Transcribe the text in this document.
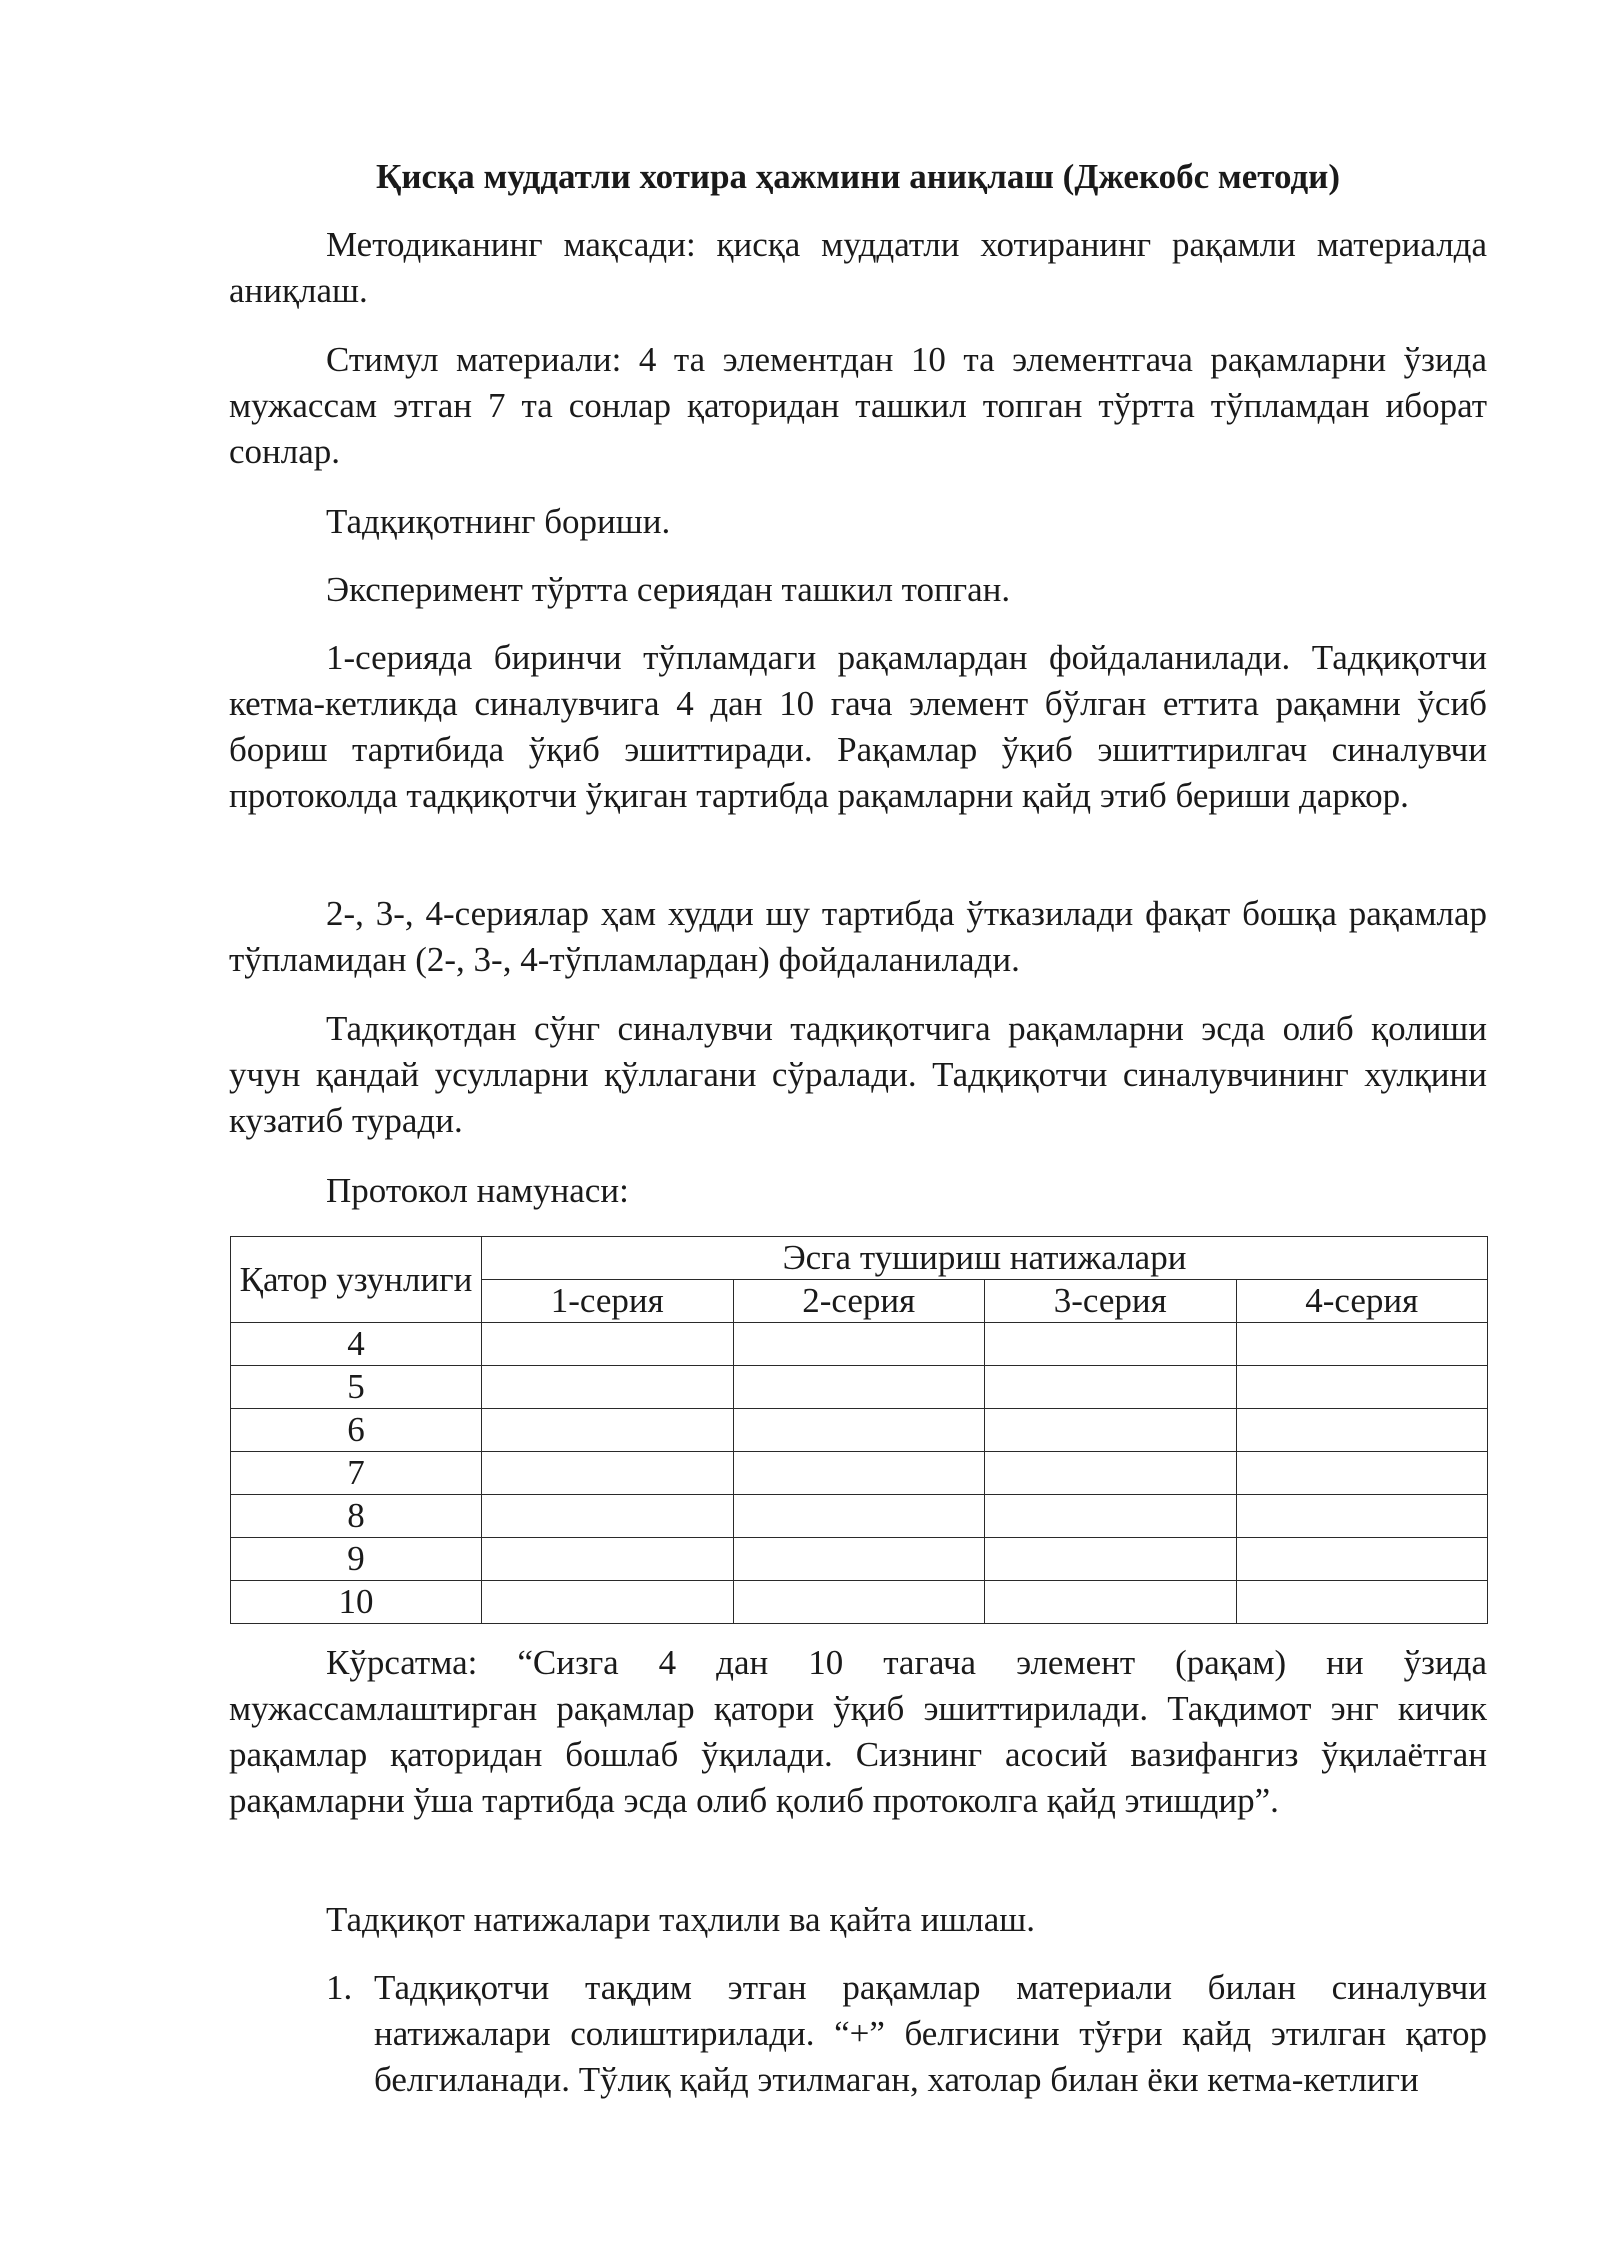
Қисқа муддатли хотира ҳажмини аниқлаш (Джекобс методи)

Методиканинг мақсади: қисқа муддатли хотиранинг рақамли материалда аниқлаш.

Стимул материали: 4 та элементдан 10 та элементгача рақамларни ўзида мужассам этган 7 та сонлар қаторидан ташкил топган тўртта тўпламдан иборат сонлар.

Тадқиқотнинг бориши.

Эксперимент тўртта сериядан ташкил топган.

1-серияда биринчи тўпламдаги рақамлардан фойдаланилади. Тадқиқотчи кетма-кетликда синалувчига 4 дан 10 гача элемент бўлган еттита рақамни ўсиб бориш тартибида ўқиб эшиттиради. Рақамлар ўқиб эшиттирилгач синалувчи протоколда тадқиқотчи ўқиган тартибда рақамларни қайд этиб бериши даркор.

2-, 3-, 4-сериялар ҳам худди шу тартибда ўтказилади фақат бошқа рақамлар тўпламидан (2-, 3-, 4-тўпламлардан) фойдаланилади.

Тадқиқотдан сўнг синалувчи тадқиқотчига рақамларни эсда олиб қолиши учун қандай усулларни қўллагани сўралади. Тадқиқотчи синалувчининг хулқини кузатиб туради.

Протокол намунаси:

Қатор узунлиги	Эсга тушириш натижалари			
	1-серия	2-серия	3-серия	4-серия
4				
5				
6				
7				
8				
9				
10				

Кўрсатма: “Сизга 4 дан 10 тагача элемент (рақам) ни ўзида мужассамлаштирган рақамлар қатори ўқиб эшиттирилади. Тақдимот энг кичик рақамлар қаторидан бошлаб ўқилади. Сизнинг асосий вазифангиз ўқилаётган рақамларни ўша тартибда эсда олиб қолиб протоколга қайд этишдир”.

Тадқиқот натижалари таҳлили ва қайта ишлаш.

1. Тадқиқотчи тақдим этган рақамлар материали билан синалувчи натижалари солиштирилади. “+” белгисини тўғри қайд этилган қатор белгиланади. Тўлиқ қайд этилмаган, хатолар билан ёки кетма-кетлиги
